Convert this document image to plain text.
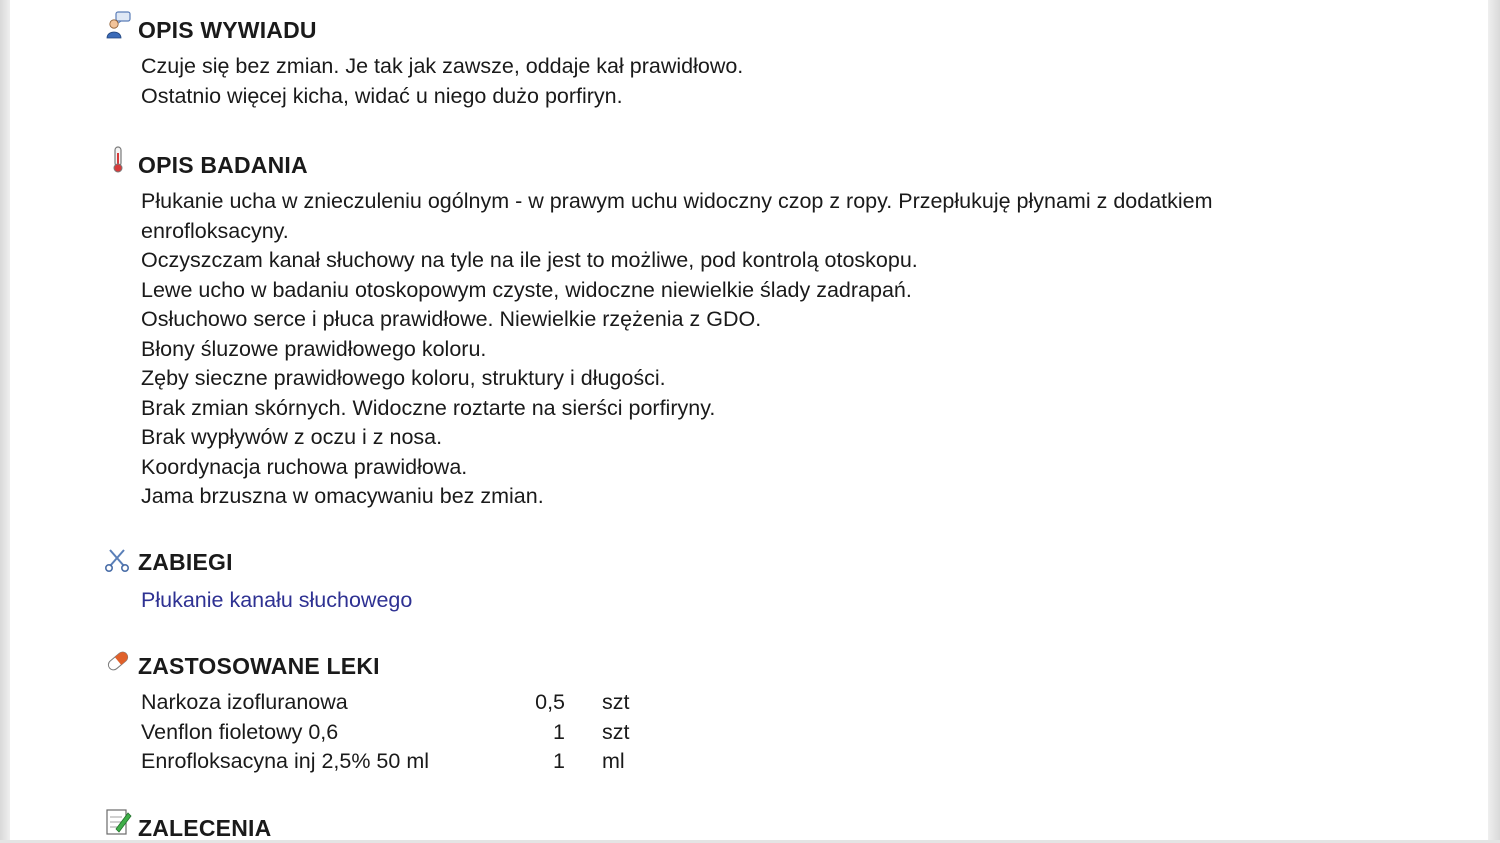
OPIS WYWIADU
Czuje się bez zmian. Je tak jak zawsze, oddaje kał prawidłowo.
Ostatnio więcej kicha, widać u niego dużo porfiryn.
OPIS BADANIA
Płukanie ucha w znieczuleniu ogólnym - w prawym uchu widoczny czop z ropy. Przepłukuję płynami z dodatkiem
enrofloksacyny.
Oczyszczam kanał słuchowy na tyle na ile jest to możliwe, pod kontrolą otoskopu.
Lewe ucho w badaniu otoskopowym czyste, widoczne niewielkie ślady zadrapań.
Osłuchowo serce i płuca prawidłowe. Niewielkie rzężenia z GDO.
Błony śluzowe prawidłowego koloru.
Zęby sieczne prawidłowego koloru, struktury i długości.
Brak zmian skórnych. Widoczne roztarte na sierści porfiryny.
Brak wypływów z oczu i z nosa.
Koordynacja ruchowa prawidłowa.
Jama brzuszna w omacywaniu bez zmian.
ZABIEGI
Płukanie kanału słuchowego
ZASTOSOWANE LEKI
Narkoza izofluranowa	0,5 szt
Venflon fioletowy 0,6	1 szt
Enrofloksacyna inj 2,5% 50 ml	1 ml
ZALECENIA
